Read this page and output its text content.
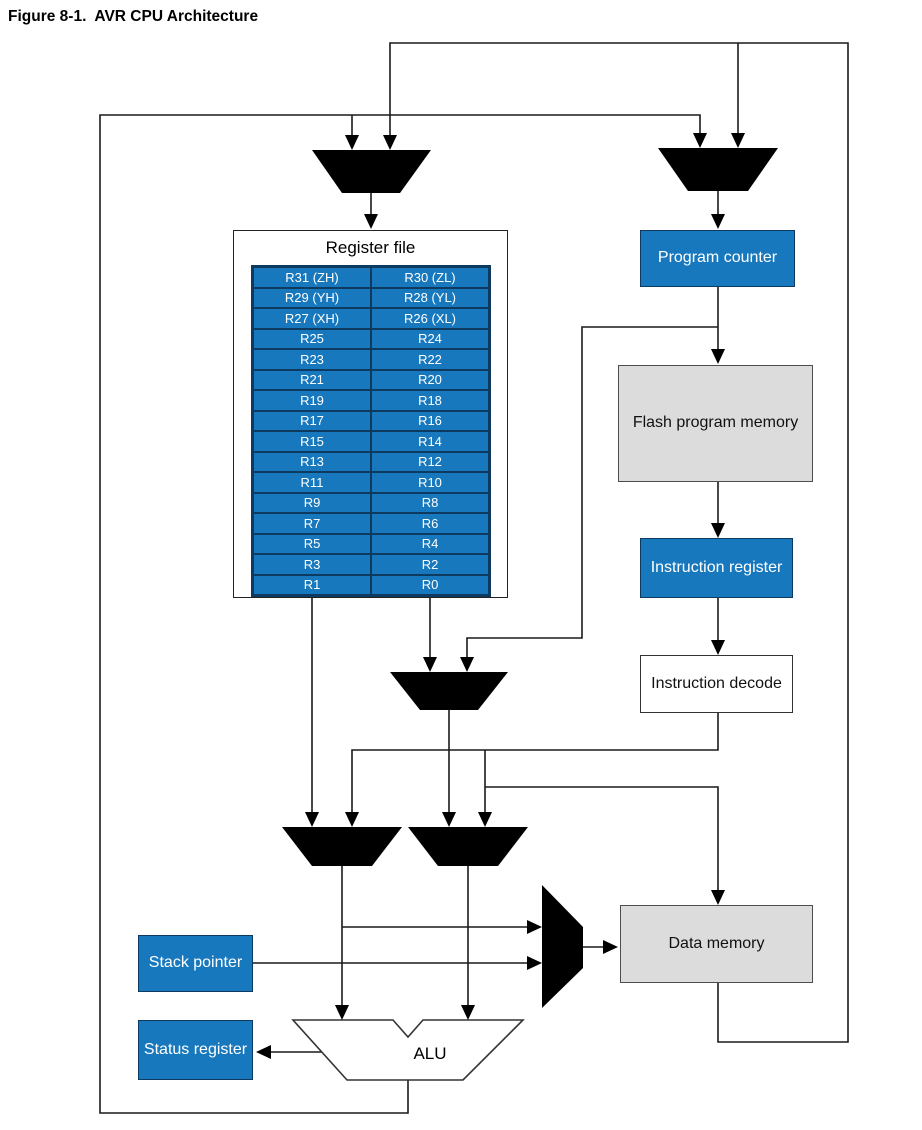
Figure 8-1.  AVR CPU Architecture
Register file
R31 (ZH)	R30 (ZL)
R29 (YH)	R28 (YL)
R27 (XH)	R26 (XL)
R25	R24
R23	R22
R21	R20
R19	R18
R17	R16
R15	R14
R13	R12
R11	R10
R9	R8
R7	R6
R5	R4
R3	R2
R1	R0
Program counter
Flash program memory
Instruction register
Instruction decode
Data memory
Stack pointer
Status register	ALU
